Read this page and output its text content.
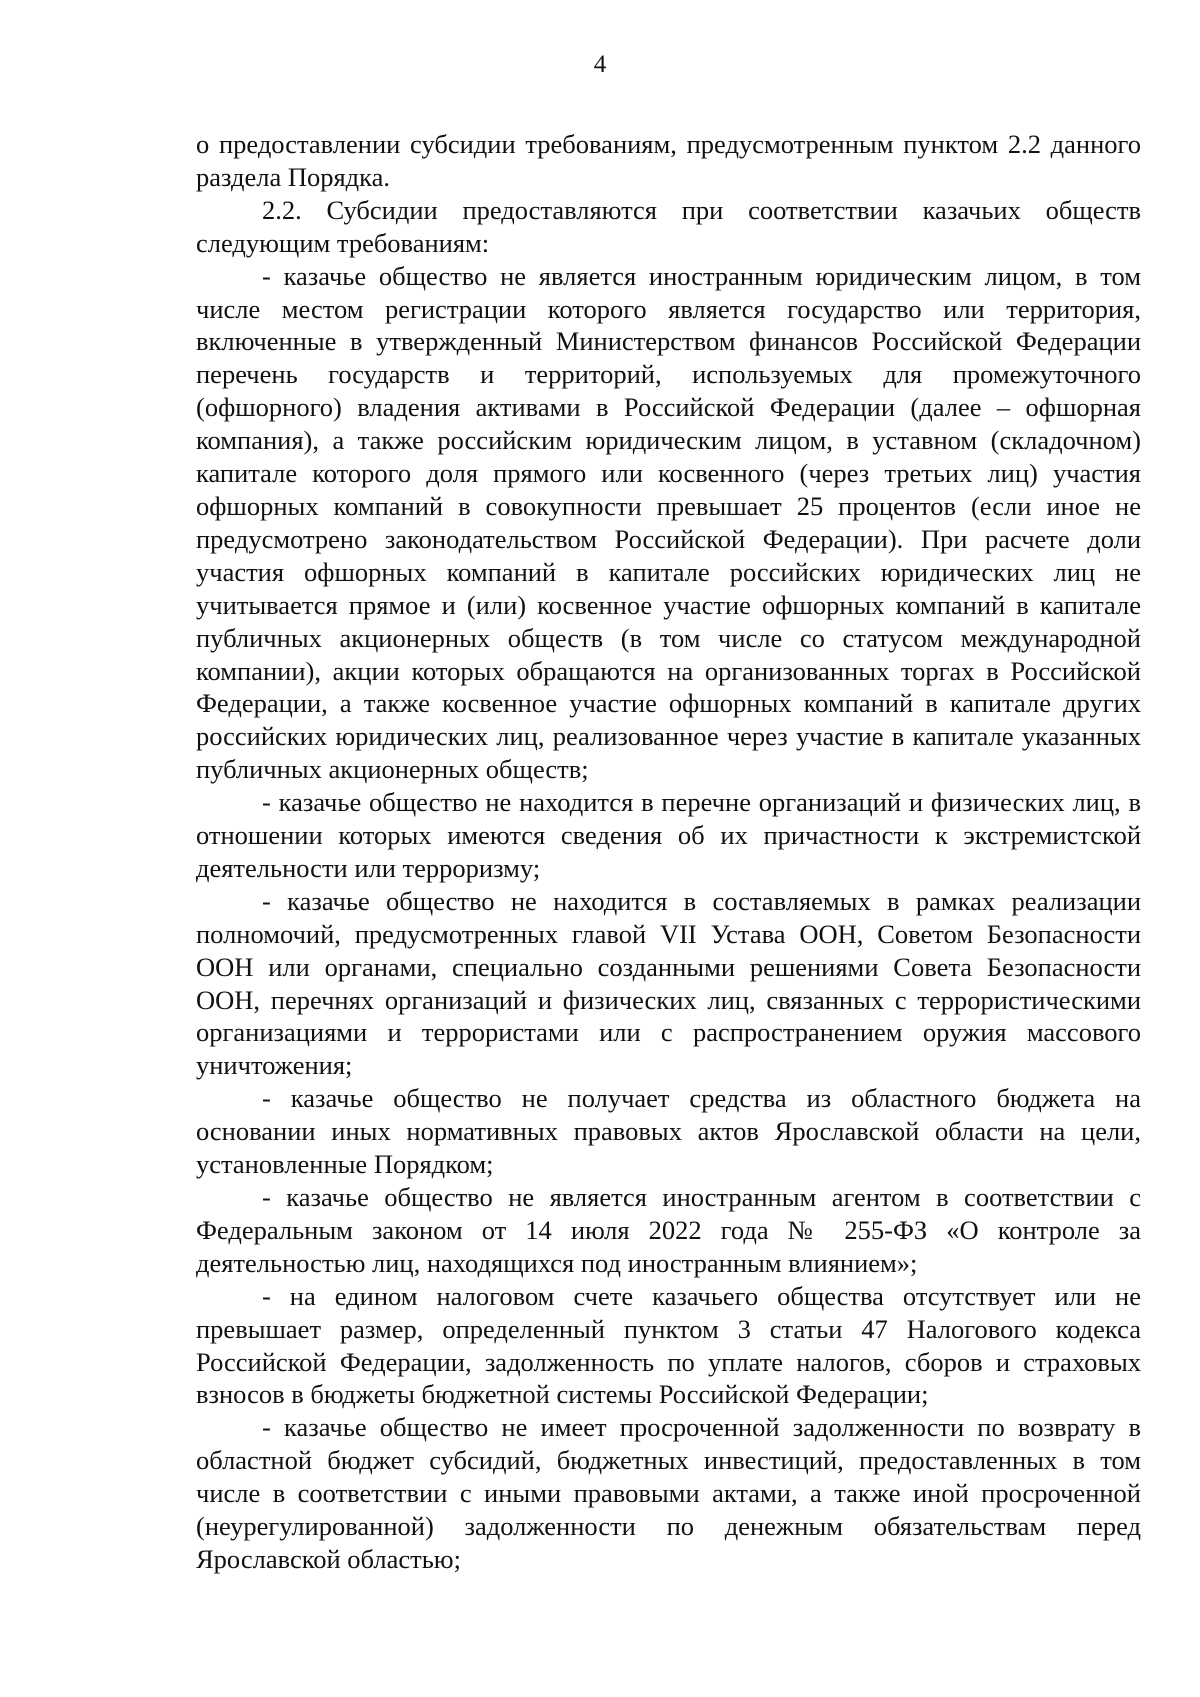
4

о предоставлении субсидии требованиям, предусмотренным пунктом 2.2 данного раздела Порядка.

2.2. Субсидии предоставляются при соответствии казачьих обществ следующим требованиям:

- казачье общество не является иностранным юридическим лицом, в том числе местом регистрации которого является государство или территория, включенные в утвержденный Министерством финансов Российской Федерации перечень государств и территорий, используемых для промежуточного (офшорного) владения активами в Российской Федерации (далее – офшорная компания), а также российским юридическим лицом, в уставном (складочном) капитале которого доля прямого или косвенного (через третьих лиц) участия офшорных компаний в совокупности превышает 25 процентов (если иное не предусмотрено законодательством Российской Федерации). При расчете доли участия офшорных компаний в капитале российских юридических лиц не учитывается прямое и (или) косвенное участие офшорных компаний в капитале публичных акционерных обществ (в том числе со статусом международной компании), акции которых обращаются на организованных торгах в Российской Федерации, а также косвенное участие офшорных компаний в капитале других российских юридических лиц, реализованное через участие в капитале указанных публичных акционерных обществ;

- казачье общество не находится в перечне организаций и физических лиц, в отношении которых имеются сведения об их причастности к экстремистской деятельности или терроризму;

- казачье общество не находится в составляемых в рамках реализации полномочий, предусмотренных главой VII Устава ООН, Советом Безопасности ООН или органами, специально созданными решениями Совета Безопасности ООН, перечнях организаций и физических лиц, связанных с террористическими организациями и террористами или с распространением оружия массового уничтожения;

- казачье общество не получает средства из областного бюджета на основании иных нормативных правовых актов Ярославской области на цели, установленные Порядком;

- казачье общество не является иностранным агентом в соответствии с Федеральным законом от 14 июля 2022 года № 255-ФЗ «О контроле за деятельностью лиц, находящихся под иностранным влиянием»;

- на едином налоговом счете казачьего общества отсутствует или не превышает размер, определенный пунктом 3 статьи 47 Налогового кодекса Российской Федерации, задолженность по уплате налогов, сборов и страховых взносов в бюджеты бюджетной системы Российской Федерации;

- казачье общество не имеет просроченной задолженности по возврату в областной бюджет субсидий, бюджетных инвестиций, предоставленных в том числе в соответствии с иными правовыми актами, а также иной просроченной (неурегулированной) задолженности по денежным обязательствам перед Ярославской областью;
